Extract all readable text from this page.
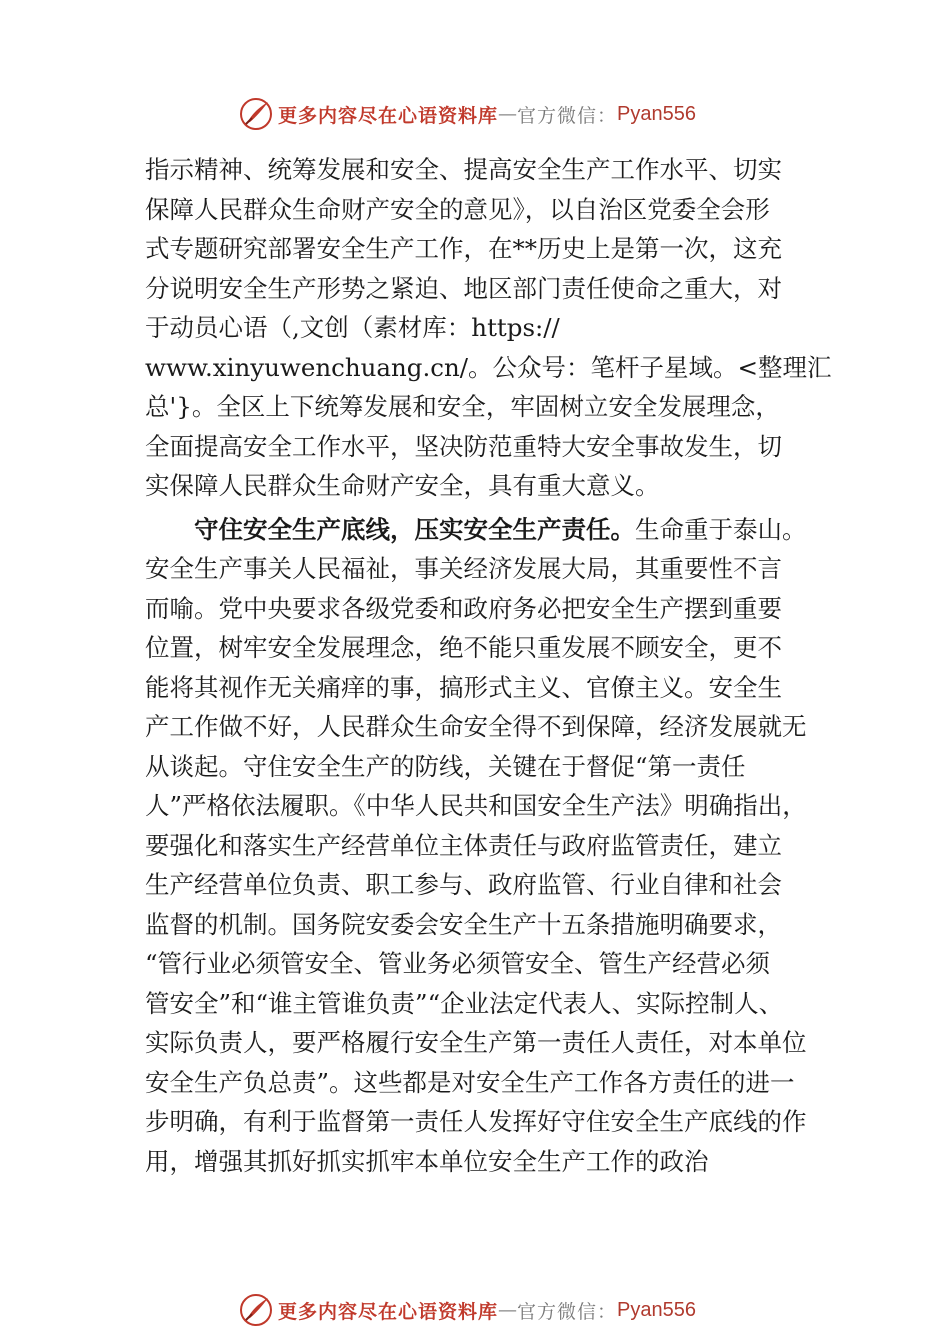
更多内容尽在心语资料库 — 官方微信： Pyan556

指示精神、统筹发展和安全、提高安全生产工作水平、切实
保障人民群众生命财产安全的意见》，以自治区党委全会形
式专题研究部署安全生产工作，在**历史上是第一次，这充
分说明安全生产形势之紧迫、地区部门责任使命之重大，对
于动员心语（,文创（素材库：https://
www.xinyuwenchuang.cn/。公众号：笔杆子星域。<整理汇
总'}。全区上下统筹发展和安全，牢固树立安全发展理念，
全面提高安全工作水平，坚决防范重特大安全事故发生，切
实保障人民群众生命财产安全，具有重大意义。

守住安全生产底线，压实安全生产责任。生命重于泰山。
安全生产事关人民福祉，事关经济发展大局，其重要性不言
而喻。党中央要求各级党委和政府务必把安全生产摆到重要
位置，树牢安全发展理念，绝不能只重发展不顾安全，更不
能将其视作无关痛痒的事，搞形式主义、官僚主义。安全生
产工作做不好，人民群众生命安全得不到保障，经济发展就无
从谈起。守住安全生产的防线，关键在于督促“第一责任
人”严格依法履职。《中华人民共和国安全生产法》明确指出，
要强化和落实生产经营单位主体责任与政府监管责任，建立
生产经营单位负责、职工参与、政府监管、行业自律和社会
监督的机制。国务院安委会安全生产十五条措施明确要求，
“管行业必须管安全、管业务必须管安全、管生产经营必须
管安全”和“谁主管谁负责”“企业法定代表人、实际控制人、
实际负责人，要严格履行安全生产第一责任人责任，对本单位
安全生产负总责”。这些都是对安全生产工作各方责任的进一
步明确，有利于监督第一责任人发挥好守住安全生产底线的作
用，增强其抓好抓实抓牢本单位安全生产工作的政治

更多内容尽在心语资料库 — 官方微信： Pyan556
